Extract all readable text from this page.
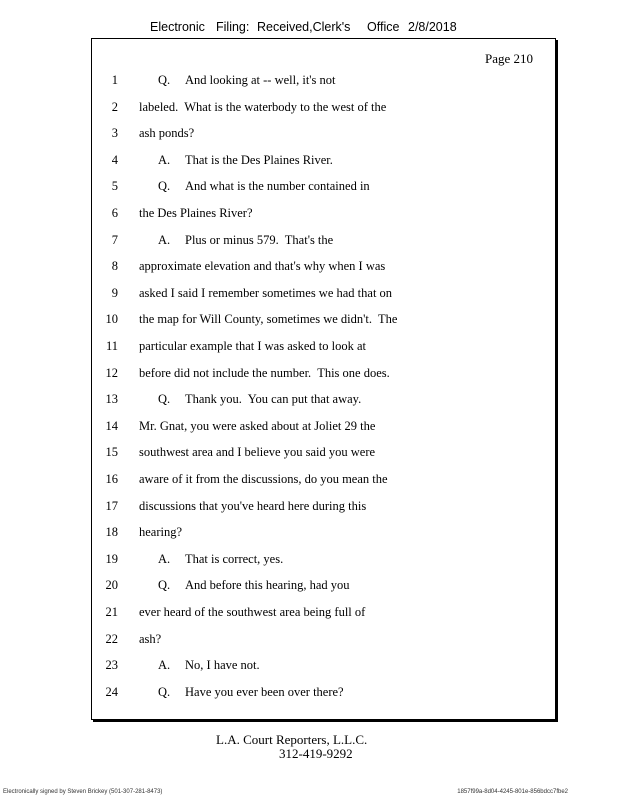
Electronic Filing: Received,Clerk's Office 2/8/2018
Page 210
1	Q. And looking at -- well, it's not
2 labeled.  What is the waterbody to the west of the
3 ash ponds?
4	A. That is the Des Plaines River.
5	Q. And what is the number contained in
6 the Des Plaines River?
7	A. Plus or minus 579.  That's the
8 approximate elevation and that's why when I was
9 asked I said I remember sometimes we had that on
10 the map for Will County, sometimes we didn't.  The
11 particular example that I was asked to look at
12 before did not include the number.  This one does.
13	Q. Thank you.  You can put that away.
14 Mr. Gnat, you were asked about at Joliet 29 the
15 southwest area and I believe you said you were
16 aware of it from the discussions, do you mean the
17 discussions that you've heard here during this
18 hearing?
19	A. That is correct, yes.
20	Q. And before this hearing, had you
21 ever heard of the southwest area being full of
22 ash?
23	A. No, I have not.
24	Q. Have you ever been over there?
L.A. Court Reporters, L.L.C.
312-419-9292
Electronically signed by Steven Brickey (501-307-281-8473)	1857f99a-8d04-4245-801e-856bdcc7fbe2
